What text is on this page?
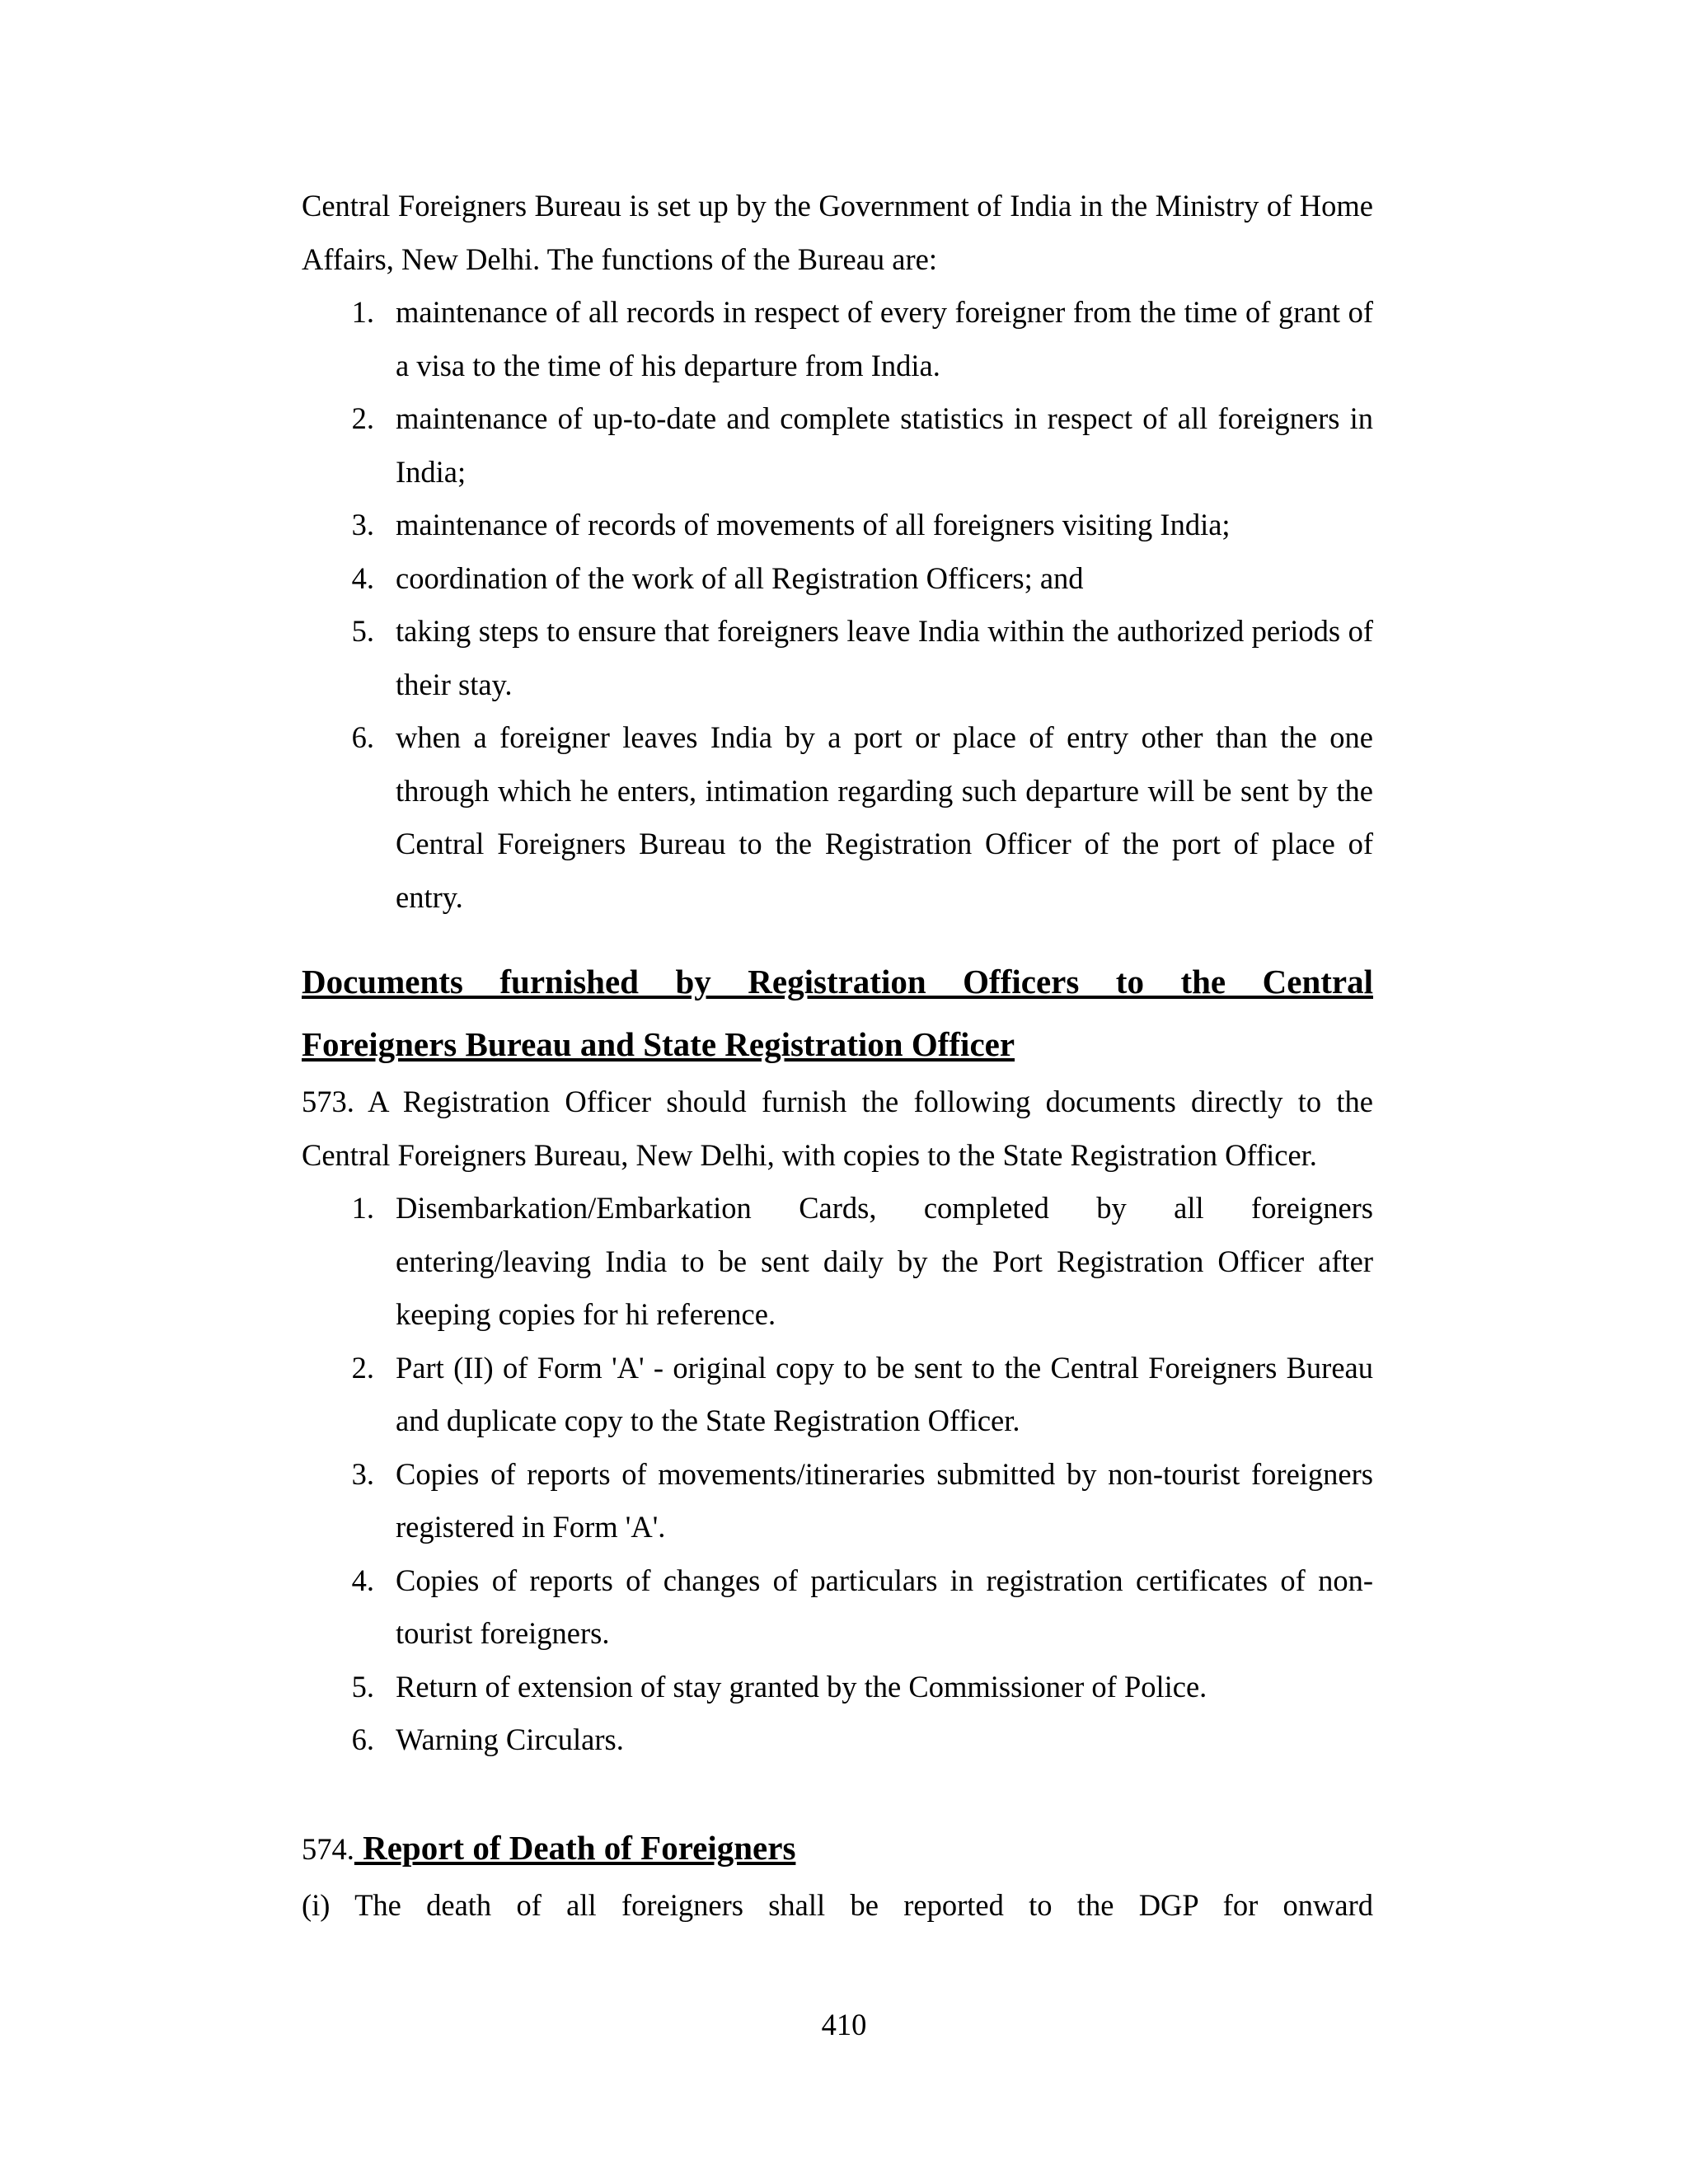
Central Foreigners Bureau is set up by the Government of India in the Ministry of Home Affairs, New Delhi. The functions of the Bureau are:

1. maintenance of all records in respect of every foreigner from the time of grant of a visa to the time of his departure from India.
2. maintenance of up-to-date and complete statistics in respect of all foreigners in India;
3. maintenance of records of movements of all foreigners visiting India;
4. coordination of the work of all Registration Officers; and
5. taking steps to ensure that foreigners leave India within the authorized periods of their stay.
6. when a foreigner leaves India by a port or place of entry other than the one through which he enters, intimation regarding such departure will be sent by the Central Foreigners Bureau to the Registration Officer of the port of place of entry.
Documents furnished by Registration Officers to the Central
Foreigners Bureau and State Registration Officer

573. A Registration Officer should furnish the following documents directly to the Central Foreigners Bureau, New Delhi, with copies to the State Registration Officer.

1. Disembarkation/Embarkation Cards, completed by all foreigners entering/leaving India to be sent daily by the Port Registration Officer after keeping copies for hi reference.
2. Part (II) of Form 'A' - original copy to be sent to the Central Foreigners Bureau and duplicate copy to the State Registration Officer.
3. Copies of reports of movements/itineraries submitted by non-tourist foreigners registered in Form 'A'.
4. Copies of reports of changes of particulars in registration certificates of non-tourist foreigners.
5. Return of extension of stay granted by the Commissioner of Police.
6. Warning Circulars.
574. Report of Death of Foreigners

(i) The death of all foreigners shall be reported to the DGP for onward

410
